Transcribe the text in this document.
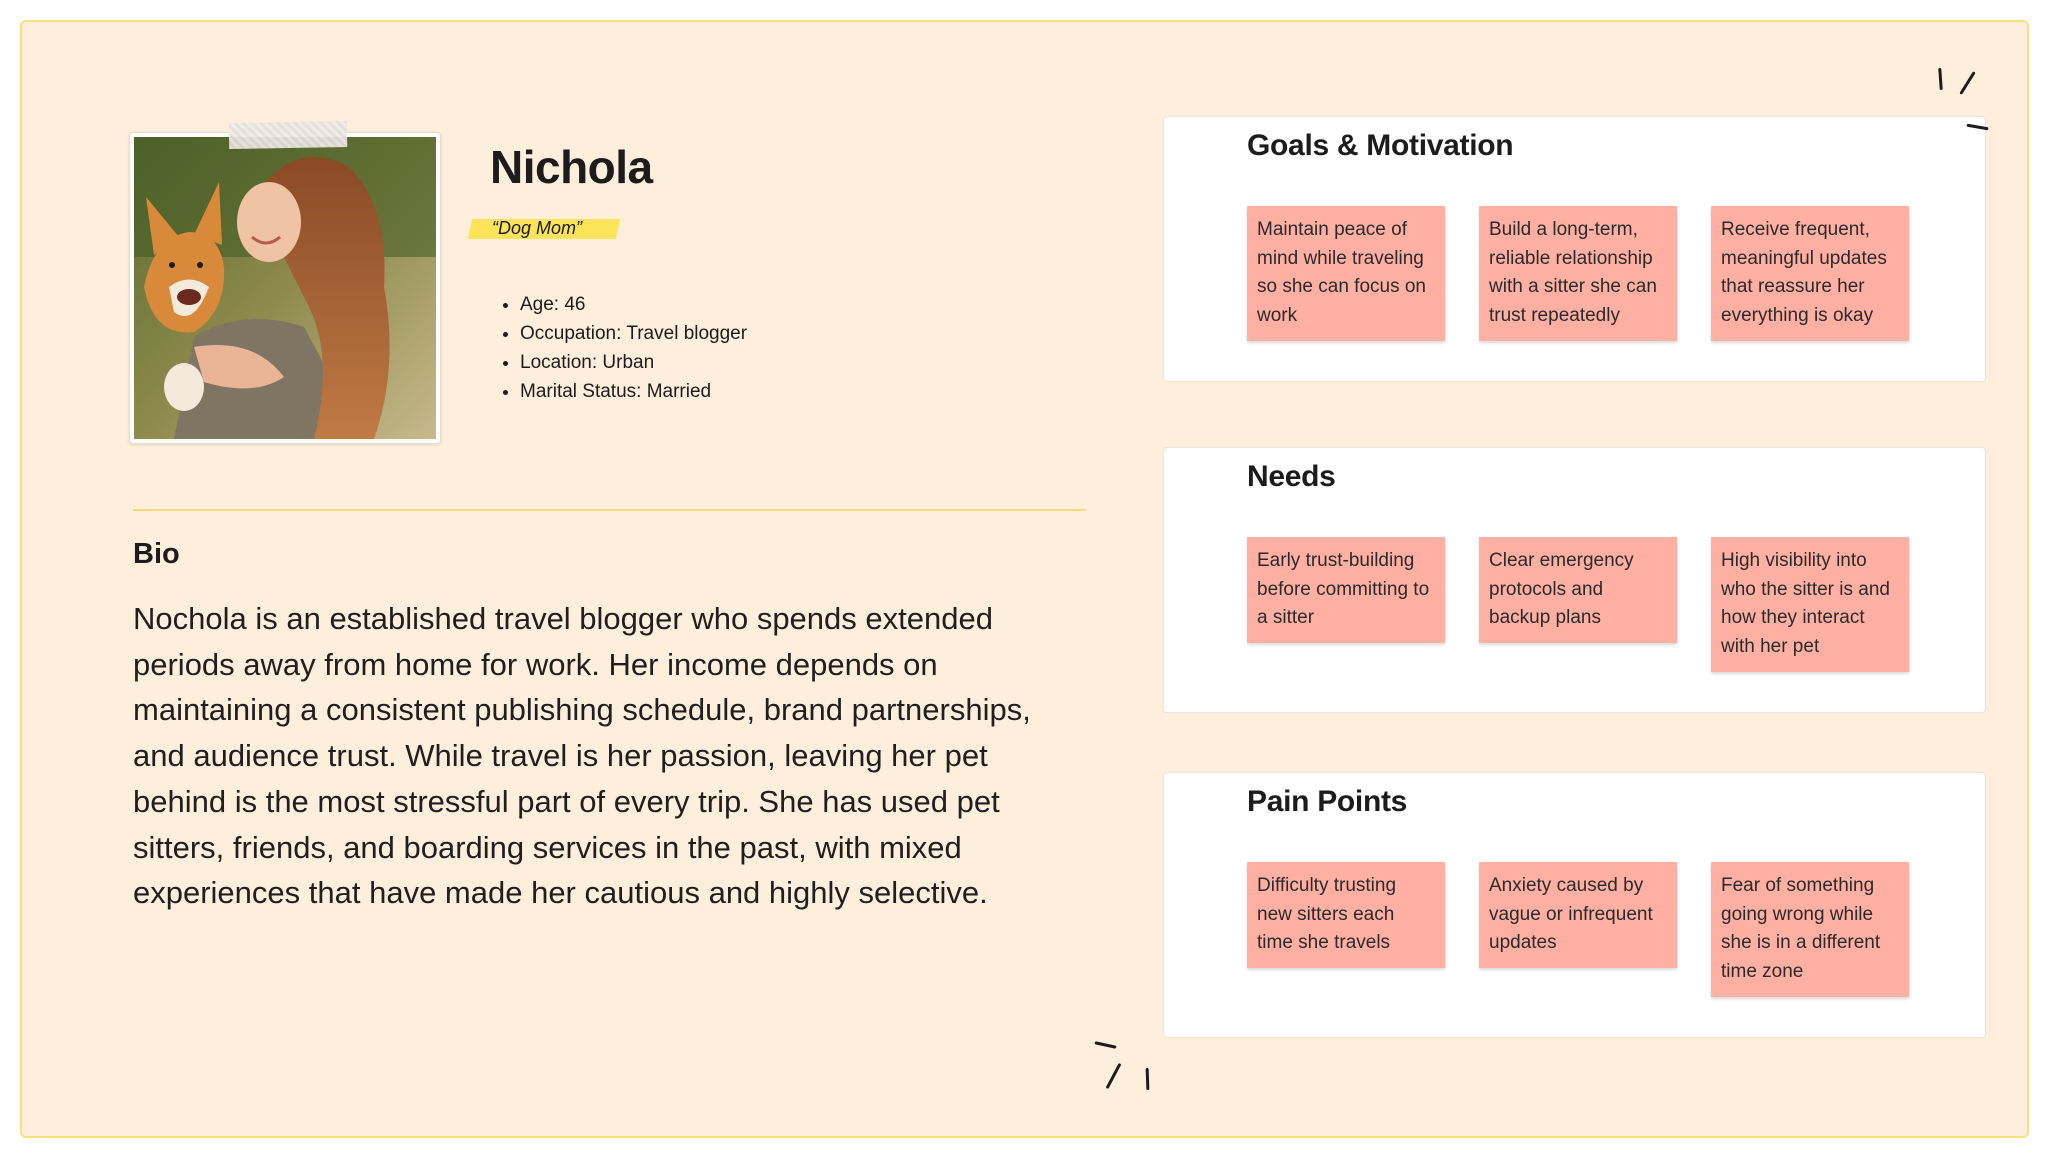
Nichola
“Dog Mom”
• Age: 46
• Occupation: Travel blogger
• Location: Urban
• Marital Status: Married
Bio

Nochola is an established travel blogger who spends extended periods away from home for work. Her income depends on maintaining a consistent publishing schedule, brand partnerships, and audience trust. While travel is her passion, leaving her pet behind is the most stressful part of every trip. She has used pet sitters, friends, and boarding services in the past, with mixed experiences that have made her cautious and highly selective.

Goals & Motivation
Maintain peace of mind while traveling so she can focus on work
Build a long-term, reliable relationship with a sitter she can trust repeatedly
Receive frequent, meaningful updates that reassure her everything is okay
Needs
Early trust-building before committing to a sitter
Clear emergency protocols and backup plans
High visibility into who the sitter is and how they interact with her pet
Pain Points
Difficulty trusting new sitters each time she travels
Anxiety caused by vague or infrequent updates
Fear of something going wrong while she is in a different time zone
